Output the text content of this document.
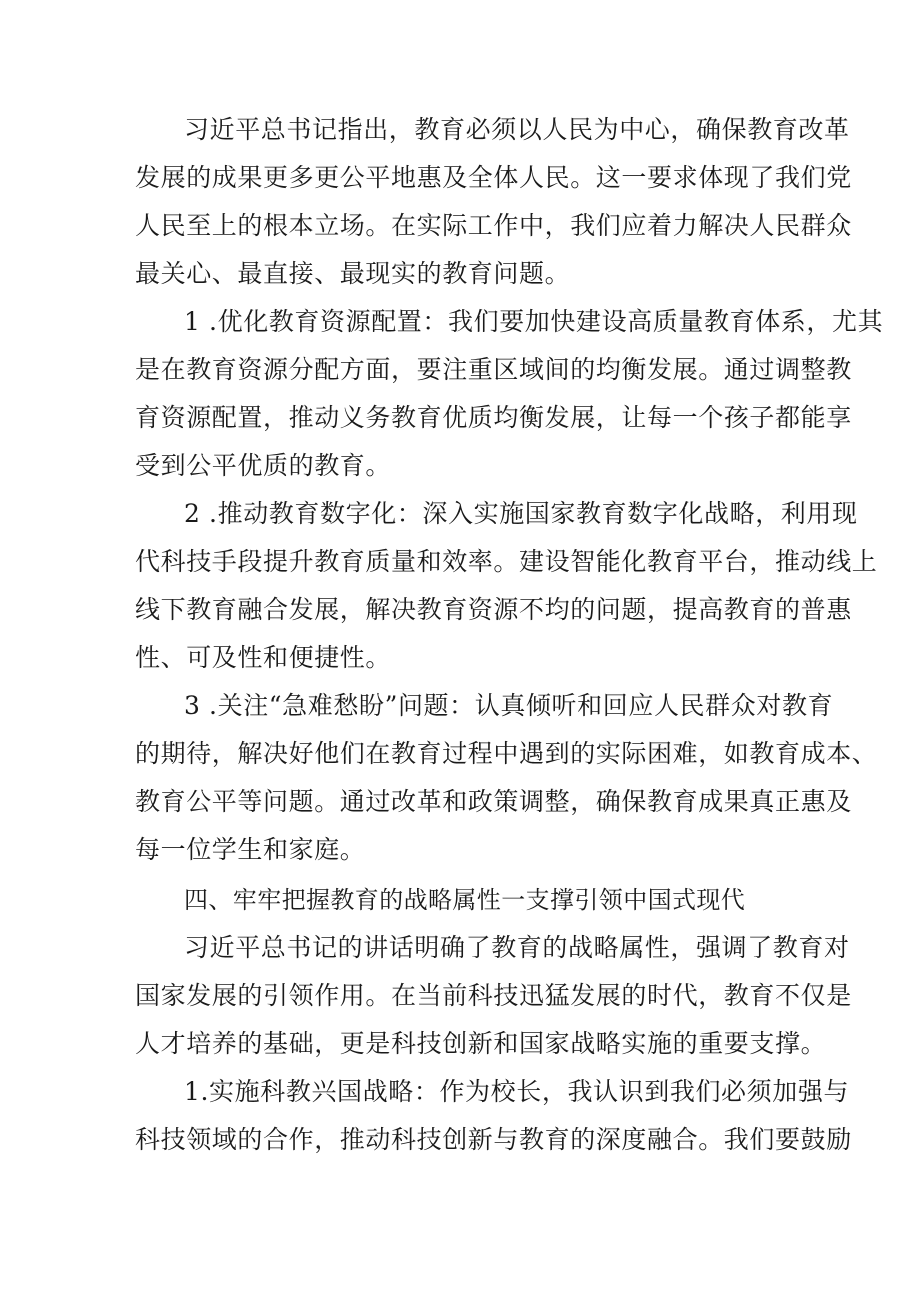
习近平总书记指出，教育必须以人民为中心，确保教育改革

发展的成果更多更公平地惠及全体人民。这一要求体现了我们党

人民至上的根本立场。在实际工作中，我们应着力解决人民群众

最关心、最直接、最现实的教育问题。

1 .优化教育资源配置：我们要加快建设高质量教育体系，尤其

是在教育资源分配方面，要注重区域间的均衡发展。通过调整教

育资源配置，推动义务教育优质均衡发展，让每一个孩子都能享

受到公平优质的教育。

2 .推动教育数字化：深入实施国家教育数字化战略，利用现

代科技手段提升教育质量和效率。建设智能化教育平台，推动线上

线下教育融合发展，解决教育资源不均的问题，提高教育的普惠

性、可及性和便捷性。

3 .关注“急难愁盼”问题：认真倾听和回应人民群众对教育

的期待，解决好他们在教育过程中遇到的实际困难，如教育成本、

教育公平等问题。通过改革和政策调整，确保教育成果真正惠及

每一位学生和家庭。

四、牢牢把握教育的战略属性一支撑引领中国式现代

习近平总书记的讲话明确了教育的战略属性，强调了教育对

国家发展的引领作用。在当前科技迅猛发展的时代，教育不仅是

人才培养的基础，更是科技创新和国家战略实施的重要支撑。

1.实施科教兴国战略：作为校长，我认识到我们必须加强与

科技领域的合作，推动科技创新与教育的深度融合。我们要鼓励
